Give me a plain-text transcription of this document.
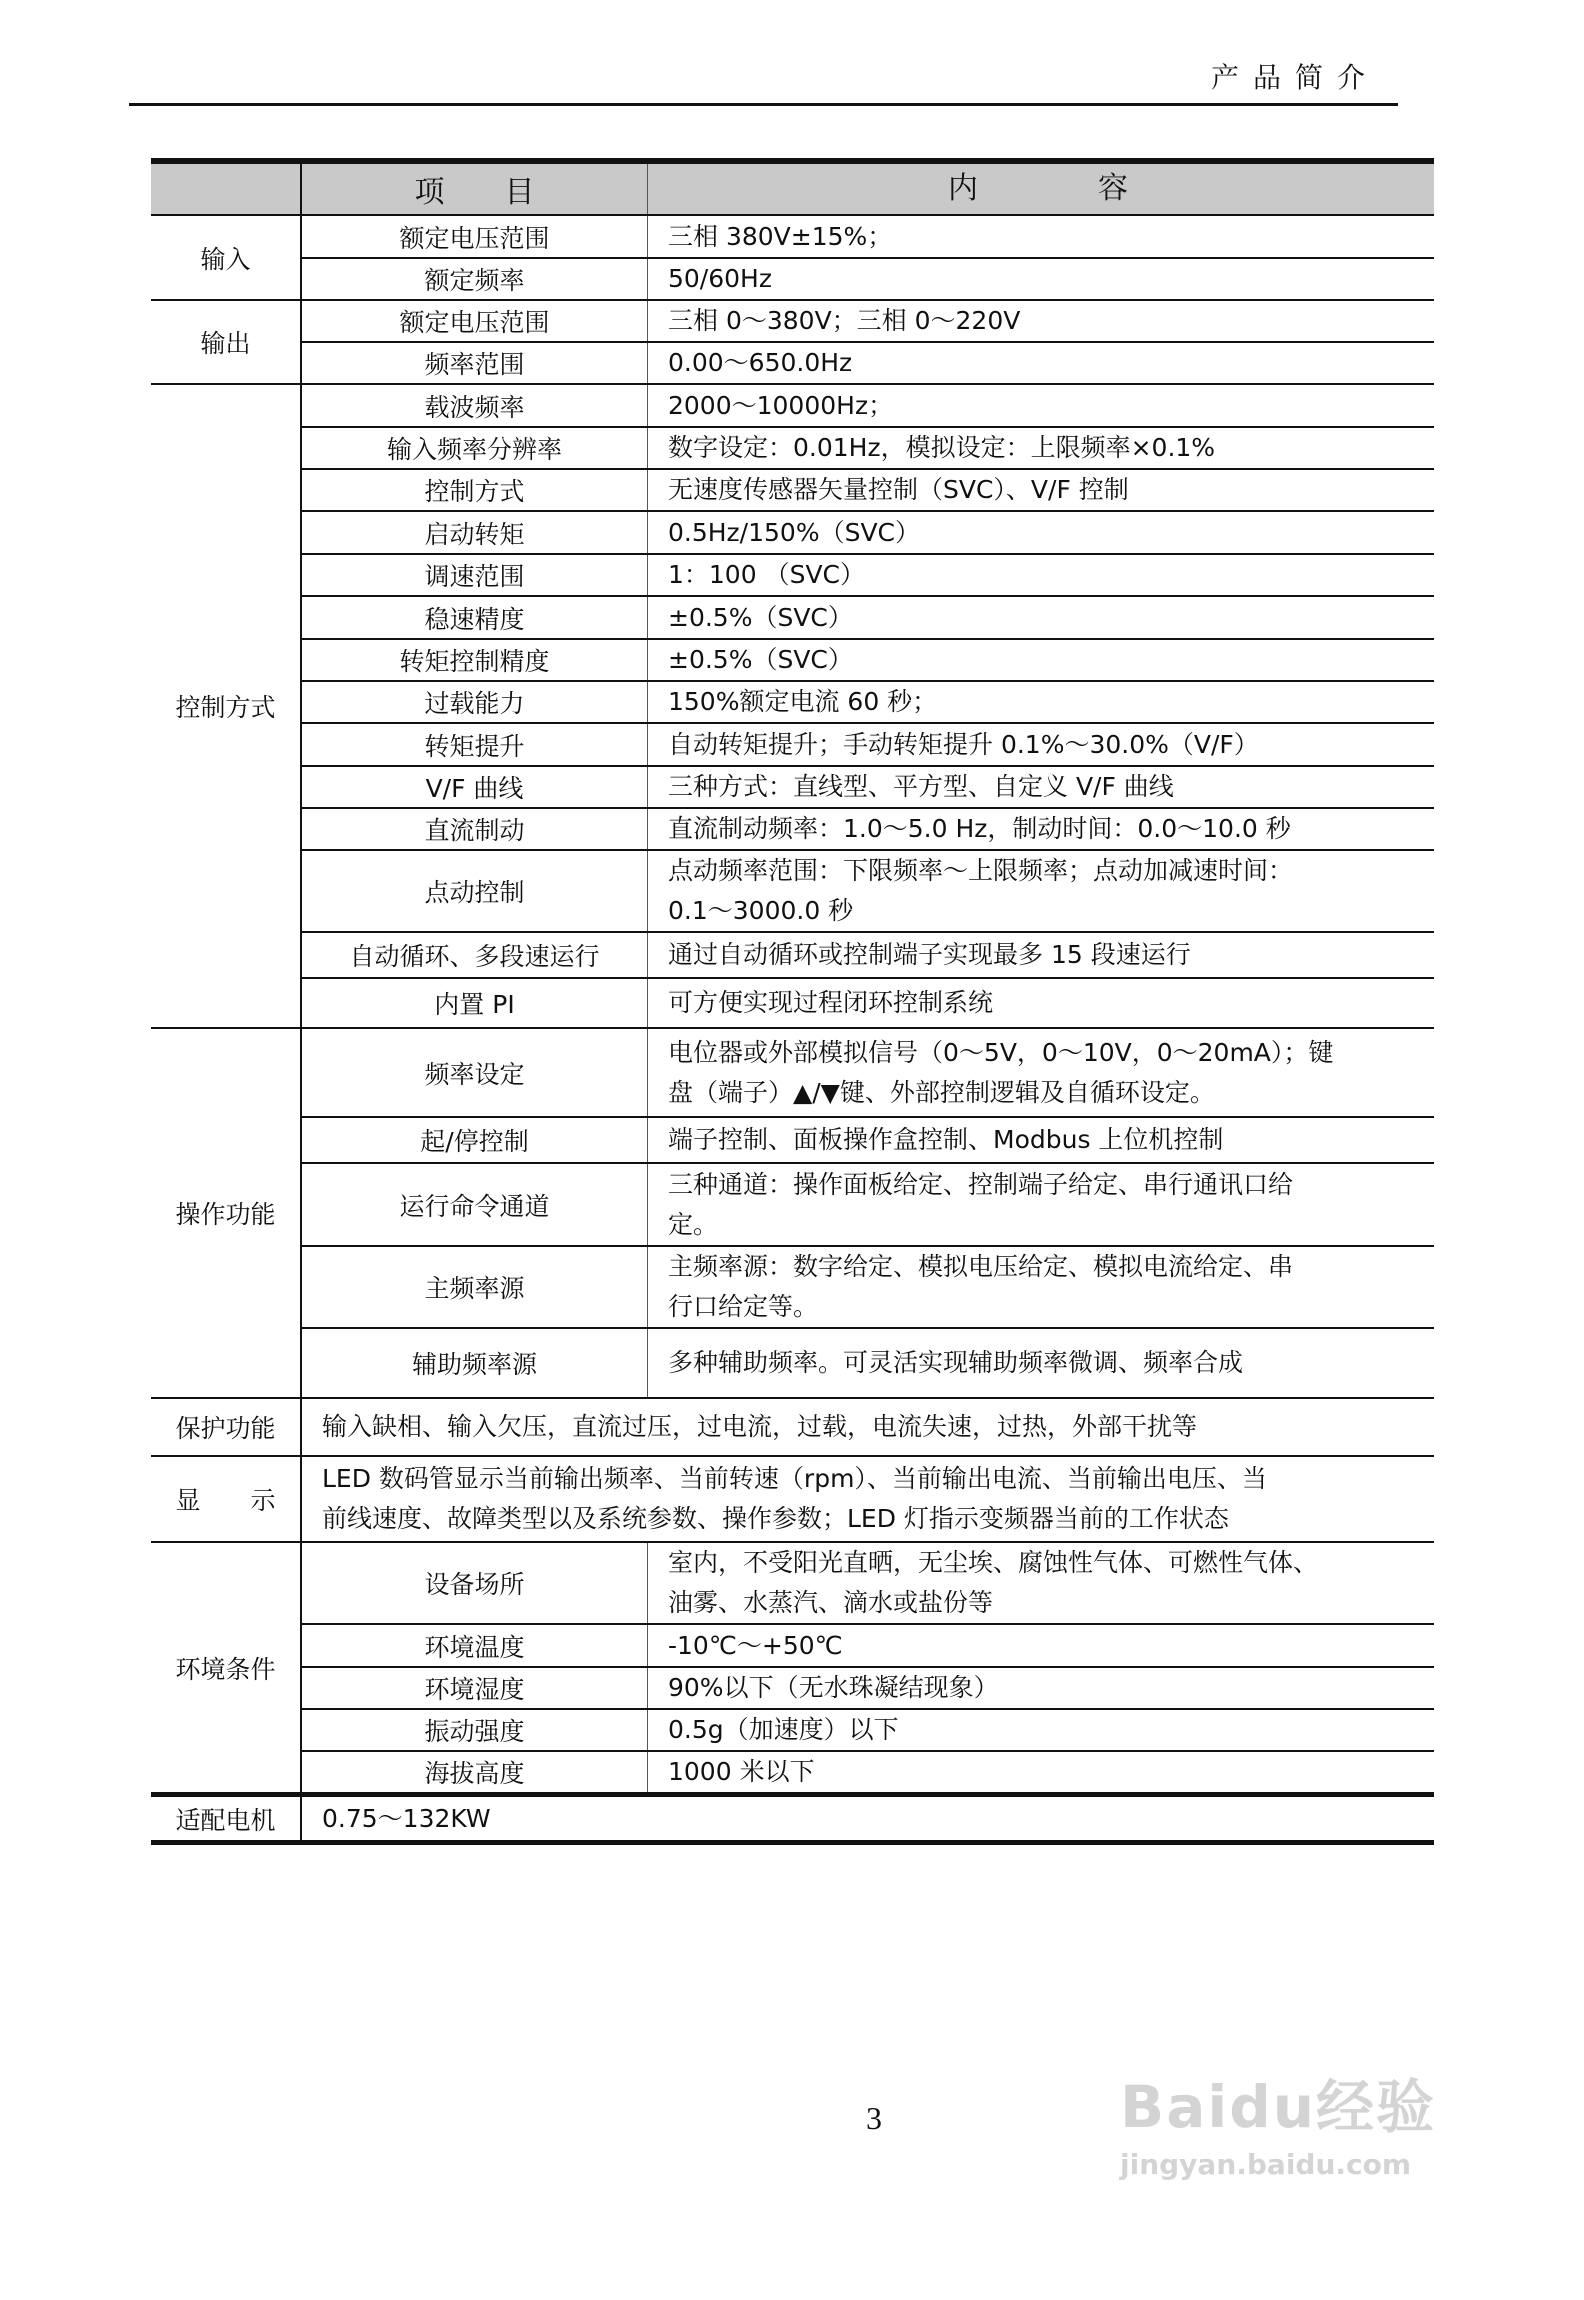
产品简介
	项　　目	内　　　　容
输入	额定电压范围	三相 380V±15%；
	额定频率	50/60Hz
输出	额定电压范围	三相 0～380V；三相 0～220V
	频率范围	0.00～650.0Hz
控制方式	载波频率	2000～10000Hz；
	输入频率分辨率	数字设定：0.01Hz，模拟设定：上限频率×0.1%
	控制方式	无速度传感器矢量控制（SVC）、V/F 控制
	启动转矩	0.5Hz/150%（SVC）
	调速范围	1：100 （SVC）
	稳速精度	±0.5%（SVC）
	转矩控制精度	±0.5%（SVC）
	过载能力	150%额定电流 60 秒；
	转矩提升	自动转矩提升；手动转矩提升 0.1%～30.0%（V/F）
	V/F 曲线	三种方式：直线型、平方型、自定义 V/F 曲线
	直流制动	直流制动频率：1.0～5.0 Hz，制动时间：0.0～10.0 秒
	点动控制	点动频率范围：下限频率～上限频率；点动加减速时间：
0.1～3000.0 秒
	自动循环、多段速运行	通过自动循环或控制端子实现最多 15 段速运行
	内置 PI	可方便实现过程闭环控制系统
操作功能	频率设定	电位器或外部模拟信号（0～5V，0～10V，0～20mA）；键
盘（端子）▲/▼键、外部控制逻辑及自循环设定。
	起/停控制	端子控制、面板操作盒控制、Modbus 上位机控制
	运行命令通道	三种通道：操作面板给定、控制端子给定、串行通讯口给
定。
	主频率源	主频率源：数字给定、模拟电压给定、模拟电流给定、串
行口给定等。
	辅助频率源	多种辅助频率。可灵活实现辅助频率微调、频率合成
保护功能	输入缺相、输入欠压，直流过压，过电流，过载，电流失速，过热，外部干扰等	
显　　示	LED 数码管显示当前输出频率、当前转速（rpm）、当前输出电流、当前输出电压、当
前线速度、故障类型以及系统参数、操作参数；LED 灯指示变频器当前的工作状态	
环境条件	设备场所	室内，不受阳光直晒，无尘埃、腐蚀性气体、可燃性气体、
油雾、水蒸汽、滴水或盐份等
	环境温度	-10℃～+50℃
	环境湿度	90%以下（无水珠凝结现象）
	振动强度	0.5g（加速度）以下
	海拔高度	1000 米以下
适配电机	0.75～132KW	
3	Baidu经验
jingyan.baidu.com
